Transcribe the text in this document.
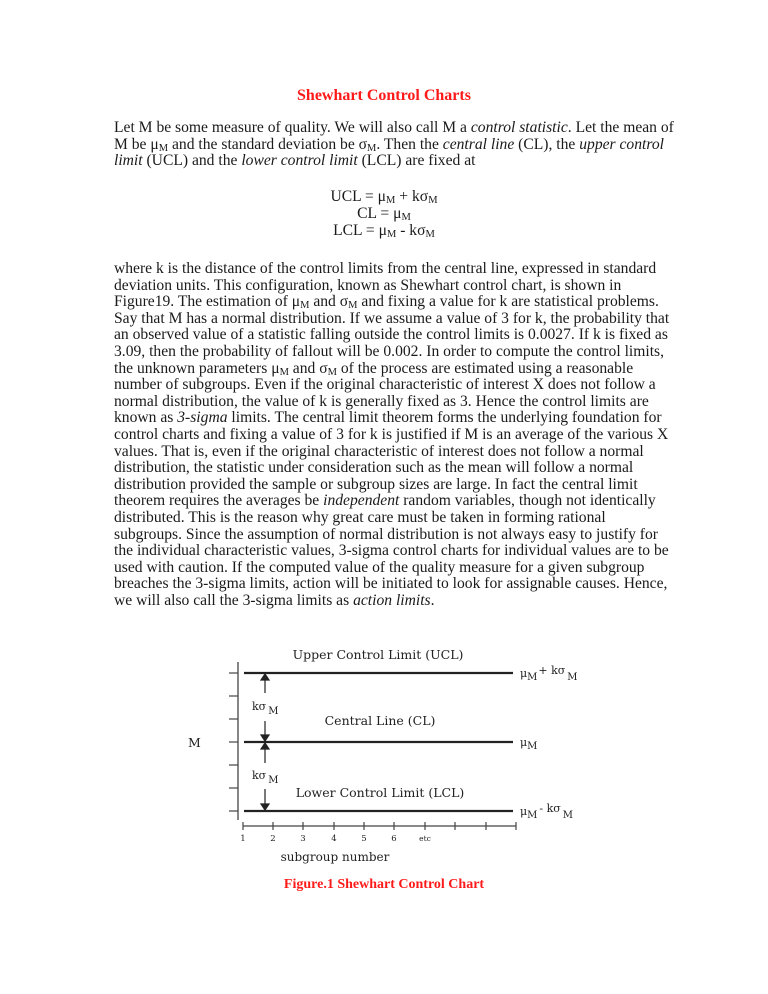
Shewhart Control Charts
Let M be some measure of quality. We will also call M a control statistic. Let the mean of M be $\mu_M$ and the standard deviation be $\sigma_M$. Then the central line (CL), the upper control limit (UCL) and the lower control limit (LCL) are fixed at
UCL = $\mu_M + k\sigma_M$
CL = $\mu_M$
LCL = $\mu_M - k\sigma_M$
where k is the distance of the control limits from the central line, expressed in standard deviation units. This configuration, known as Shewhart control chart, is shown in Figure19. The estimation of $\mu_M$ and $\sigma_M$ and fixing a value for k are statistical problems. Say that M has a normal distribution. If we assume a value of 3 for k, the probability that an observed value of a statistic falling outside the control limits is 0.0027. If k is fixed as 3.09, then the probability of fallout will be 0.002. In order to compute the control limits, the unknown parameters $\mu_M$ and $\sigma_M$ of the process are estimated using a reasonable number of subgroups. Even if the original characteristic of interest X does not follow a normal distribution, the value of k is generally fixed as 3. Hence the control limits are known as 3-sigma limits. The central limit theorem forms the underlying foundation for control charts and fixing a value of 3 for k is justified if M is an average of the various X values. That is, even if the original characteristic of interest does not follow a normal distribution, the statistic under consideration such as the mean will follow a normal distribution provided the sample or subgroup sizes are large. In fact the central limit theorem requires the averages be independent random variables, though not identically distributed. This is the reason why great care must be taken in forming rational subgroups. Since the assumption of normal distribution is not always easy to justify for the individual characteristic values, 3-sigma control charts for individual values are to be used with caution. If the computed value of the quality measure for a given subgroup breaches the 3-sigma limits, action will be initiated to look for assignable causes. Hence, we will also call the 3-sigma limits as action limits.
1	2	3	4	5	6	etc
Upper Control Limit (UCL)
Central Line (CL)
Lower Control Limit (LCL)
M
subgroup number
kσ M
kσ M
μM+ kσM
μM
μM- kσM
Figure.1 Shewhart Control Chart
